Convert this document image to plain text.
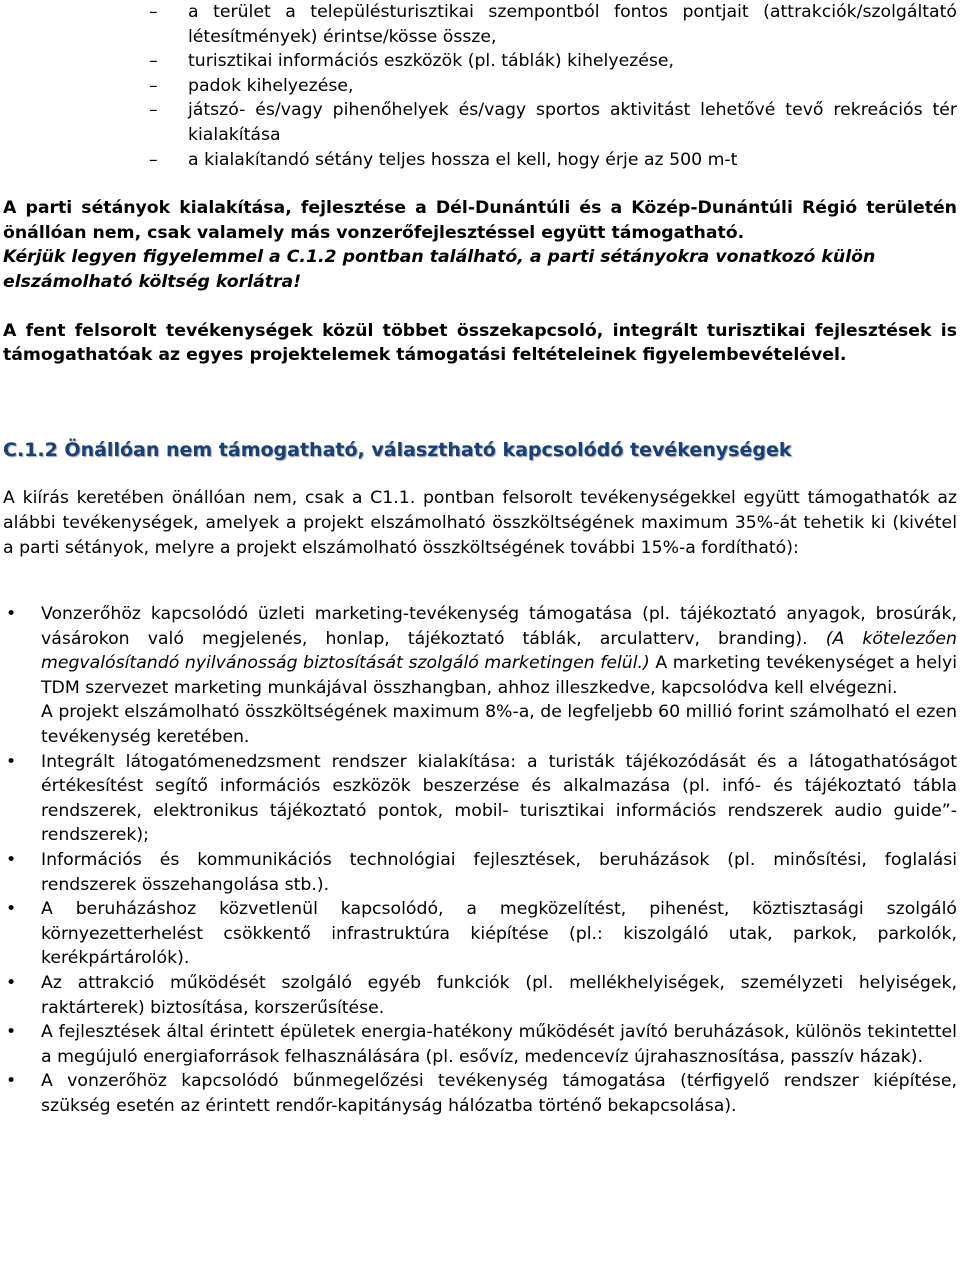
– a terület a településturisztikai szempontból fontos pontjait (attrakciók/szolgáltató létesítmények) érintse/kösse össze,
– turisztikai információs eszközök (pl. táblák) kihelyezése,
– padok kihelyezése,
– játszó- és/vagy pihenőhelyek és/vagy sportos aktivitást lehetővé tevő rekreációs tér kialakítása
– a kialakítandó sétány teljes hossza el kell, hogy érje az 500 m-t

A parti sétányok kialakítása, fejlesztése a Dél-Dunántúli és a Közép-Dunántúli Régió területén önállóan nem, csak valamely más vonzerőfejlesztéssel együtt támogatható.

Kérjük legyen figyelemmel a C.1.2 pontban található, a parti sétányokra vonatkozó külön elszámolható költség korlátra!

A fent felsorolt tevékenységek közül többet összekapcsoló, integrált turisztikai fejlesztések is támogathatóak az egyes projektelemek támogatási feltételeinek figyelembevételével.

C.1.2 Önállóan nem támogatható, választható kapcsolódó tevékenységek

A kiírás keretében önállóan nem, csak a C1.1. pontban felsorolt tevékenységekkel együtt támogathatók az alábbi tevékenységek, amelyek a projekt elszámolható összköltségének maximum 35%-át tehetik ki (kivétel a parti sétányok, melyre a projekt elszámolható összköltségének további 15%-a fordítható):

• Vonzerőhöz kapcsolódó üzleti marketing-tevékenység támogatása (pl. tájékoztató anyagok, brosúrák, vásárokon való megjelenés, honlap, tájékoztató táblák, arculatterv, branding). (A kötelezően megvalósítandó nyilvánosság biztosítását szolgáló marketingen felül.) A marketing tevékenységet a helyi TDM szervezet marketing munkájával összhangban, ahhoz illeszkedve, kapcsolódva kell elvégezni.

A projekt elszámolható összköltségének maximum 8%-a, de legfeljebb 60 millió forint számolható el ezen tevékenység keretében.

• Integrált látogatómenedzsment rendszer kialakítása: a turisták tájékozódását és a látogathatóságot értékesítést segítő információs eszközök beszerzése és alkalmazása (pl. infó- és tájékoztató tábla rendszerek, elektronikus tájékoztató pontok, mobil- turisztikai információs rendszerek audio guide”-rendszerek);
• Információs és kommunikációs technológiai fejlesztések, beruházások (pl. minősítési, foglalási rendszerek összehangolása stb.).
• A beruházáshoz közvetlenül kapcsolódó, a megközelítést, pihenést, köztisztasági szolgáló környezetterhelést csökkentő infrastruktúra kiépítése (pl.: kiszolgáló utak, parkok, parkolók, kerékpártárolók).
• Az attrakció működését szolgáló egyéb funkciók (pl. mellékhelyiségek, személyzeti helyiségek, raktárterek) biztosítása, korszerűsítése.
• A fejlesztések által érintett épületek energia-hatékony működését javító beruházások, különös tekintettel a megújuló energiaforrások felhasználására (pl. esővíz, medencevíz újrahasznosítása, passzív házak).
• A vonzerőhöz kapcsolódó bűnmegelőzési tevékenység támogatása (térfigyelő rendszer kiépítése, szükség esetén az érintett rendőr-kapitányság hálózatba történő bekapcsolása).
